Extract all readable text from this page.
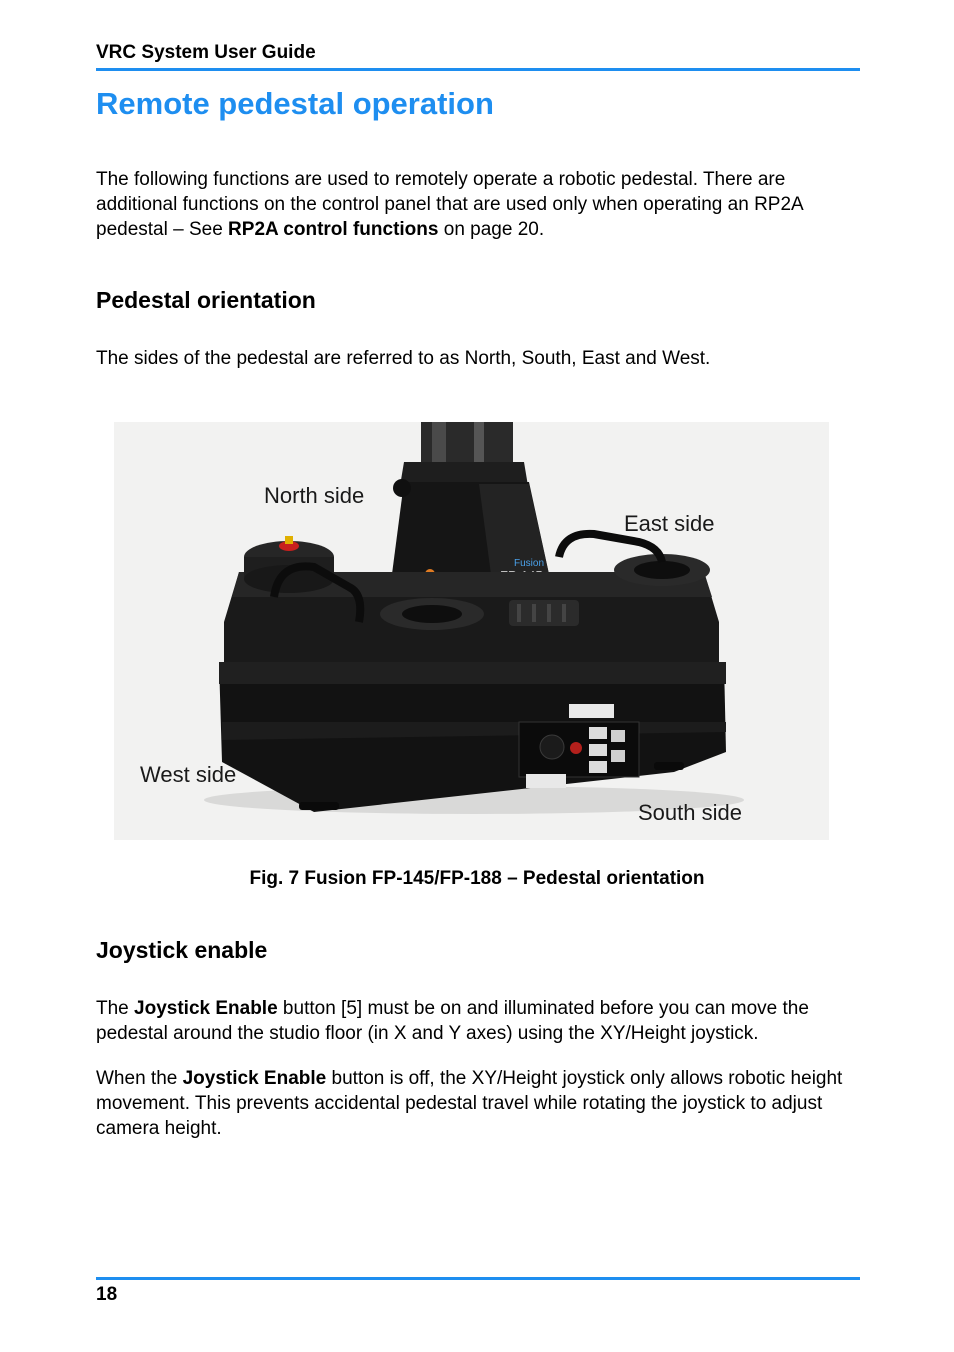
VRC System User Guide
Remote pedestal operation
The following functions are used to remotely operate a robotic pedestal. There are additional functions on the control panel that are used only when operating an RP2A pedestal – See RP2A control functions on page 20.
Pedestal orientation
The sides of the pedestal are referred to as North, South, East and West.
Fusion
North side
East side
West side
South side
Fig. 7 Fusion FP-145/FP-188 – Pedestal orientation
Joystick enable
The Joystick Enable button [5] must be on and illuminated before you can move the pedestal around the studio floor (in X and Y axes) using the XY/Height joystick.
When the Joystick Enable button is off, the XY/Height joystick only allows robotic height movement. This prevents accidental pedestal travel while rotating the joystick to adjust camera height.
18
